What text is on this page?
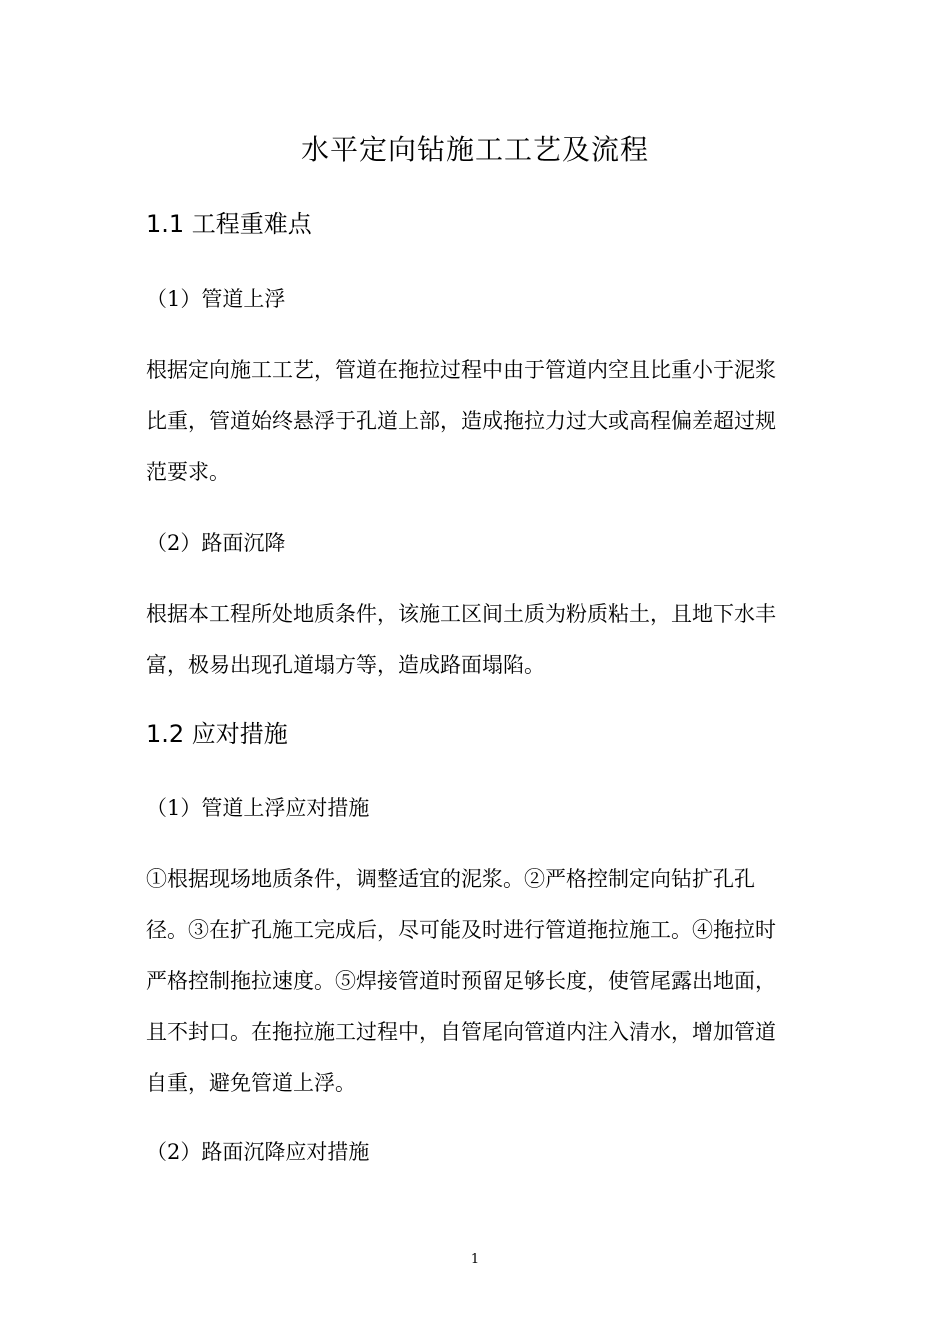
水平定向钻施工工艺及流程
1.1 工程重难点
（1）管道上浮
根据定向施工工艺，管道在拖拉过程中由于管道内空且比重小于泥浆
比重，管道始终悬浮于孔道上部，造成拖拉力过大或高程偏差超过规
范要求。
（2）路面沉降
根据本工程所处地质条件，该施工区间土质为粉质粘土，且地下水丰
富，极易出现孔道塌方等，造成路面塌陷。
1.2 应对措施
（1）管道上浮应对措施
①根据现场地质条件，调整适宜的泥浆。②严格控制定向钻扩孔孔
径。③在扩孔施工完成后，尽可能及时进行管道拖拉施工。④拖拉时
严格控制拖拉速度。⑤焊接管道时预留足够长度，使管尾露出地面，
且不封口。在拖拉施工过程中，自管尾向管道内注入清水，增加管道
自重，避免管道上浮。
（2）路面沉降应对措施
1
